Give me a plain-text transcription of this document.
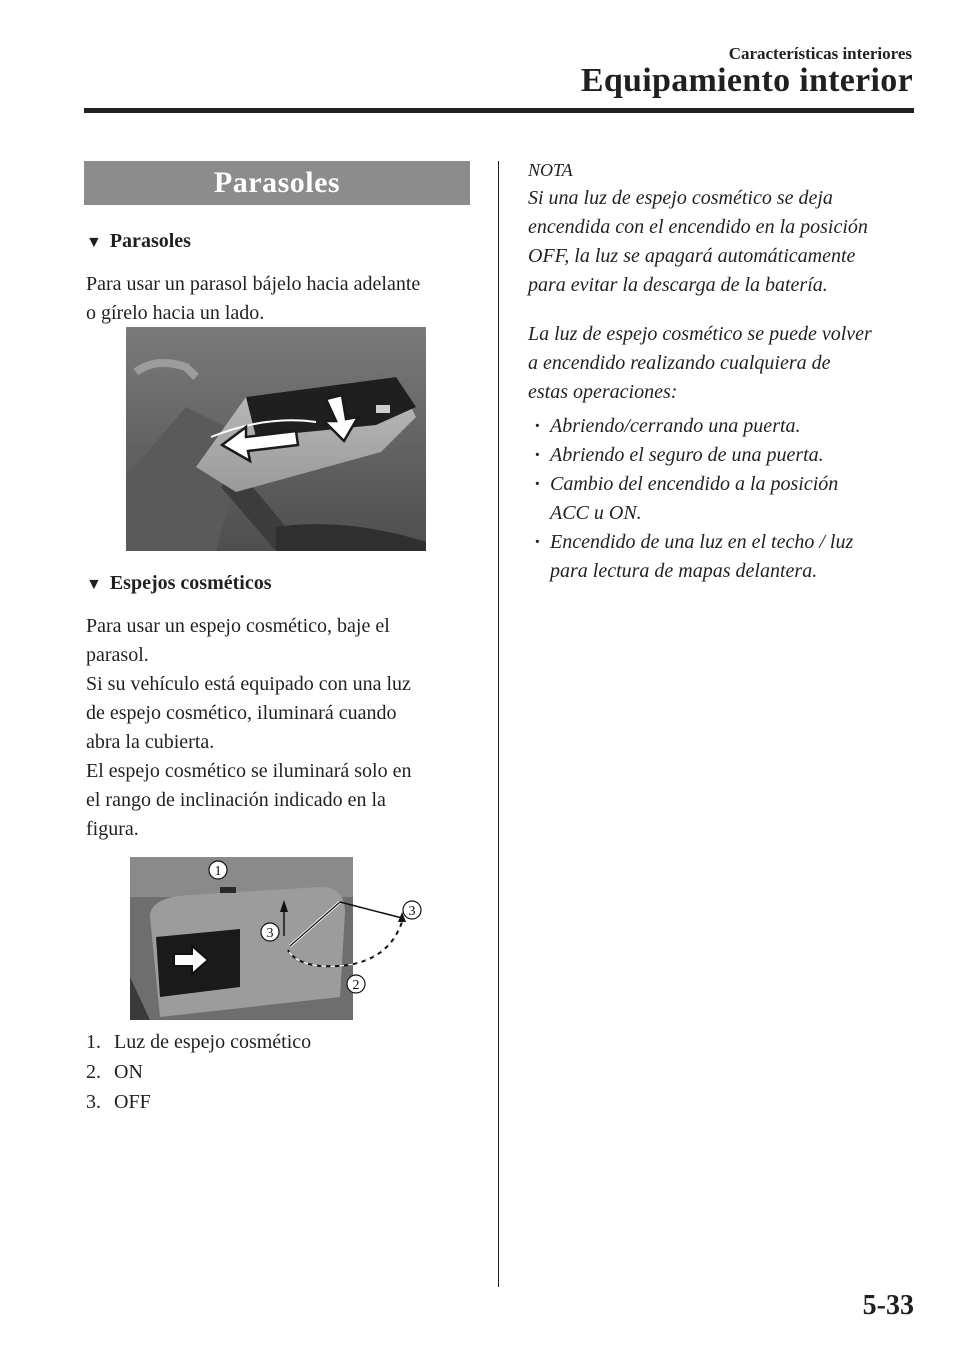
Características interiores
Equipamiento interior
Parasoles
▼ Parasoles
Para usar un parasol bájelo hacia adelante
o gírelo hacia un lado.
▼ Espejos cosméticos
Para usar un espejo cosmético, baje el
parasol.
Si su vehículo está equipado con una luz
de espejo cosmético, iluminará cuando
abra la cubierta.
El espejo cosmético se iluminará solo en
el rango de inclinación indicado en la
figura.
1
2
3
3
1. Luz de espejo cosmético
2. ON
3. OFF
NOTA
Si una luz de espejo cosmético se deja
encendida con el encendido en la posición
OFF, la luz se apagará automáticamente
para evitar la descarga de la batería.
La luz de espejo cosmético se puede volver
a encendido realizando cualquiera de
estas operaciones:
· Abriendo/cerrando una puerta.
· Abriendo el seguro de una puerta.
· Cambio del encendido a la posición
ACC u ON.
· Encendido de una luz en el techo / luz
para lectura de mapas delantera.
5-33
